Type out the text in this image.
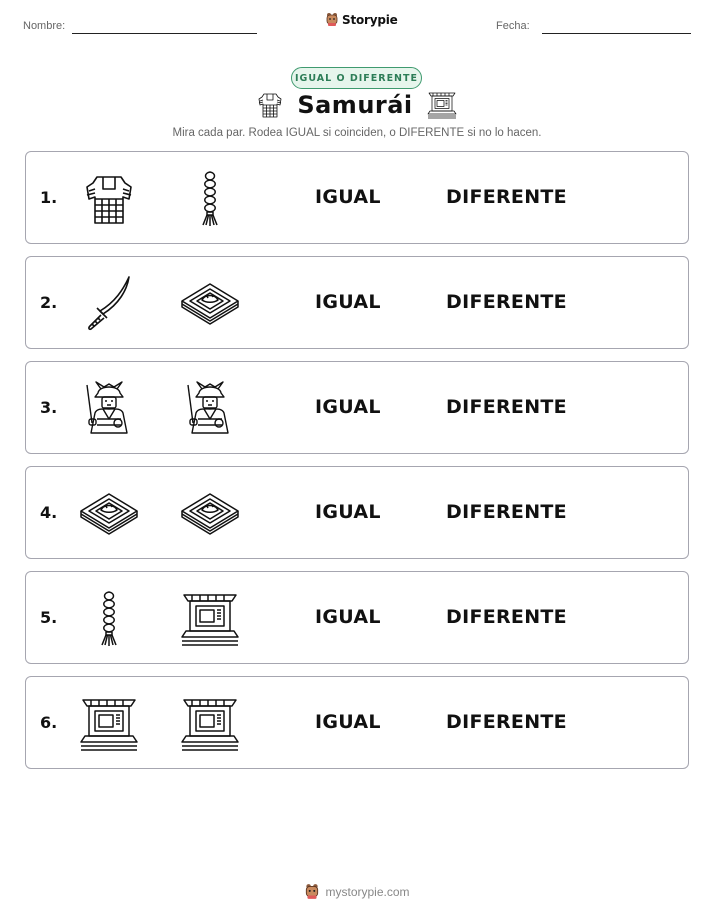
Nombre:	Storypie	Fecha:
IGUAL O DIFERENTE
Samurái
Mira cada par. Rodea IGUAL si coinciden, o DIFERENTE si no lo hacen.
1.	IGUAL	DIFERENTE
2.	IGUAL	DIFERENTE
3.	IGUAL	DIFERENTE
4.	IGUAL	DIFERENTE
5.	IGUAL	DIFERENTE
6.	IGUAL	DIFERENTE
mystorypie.com
